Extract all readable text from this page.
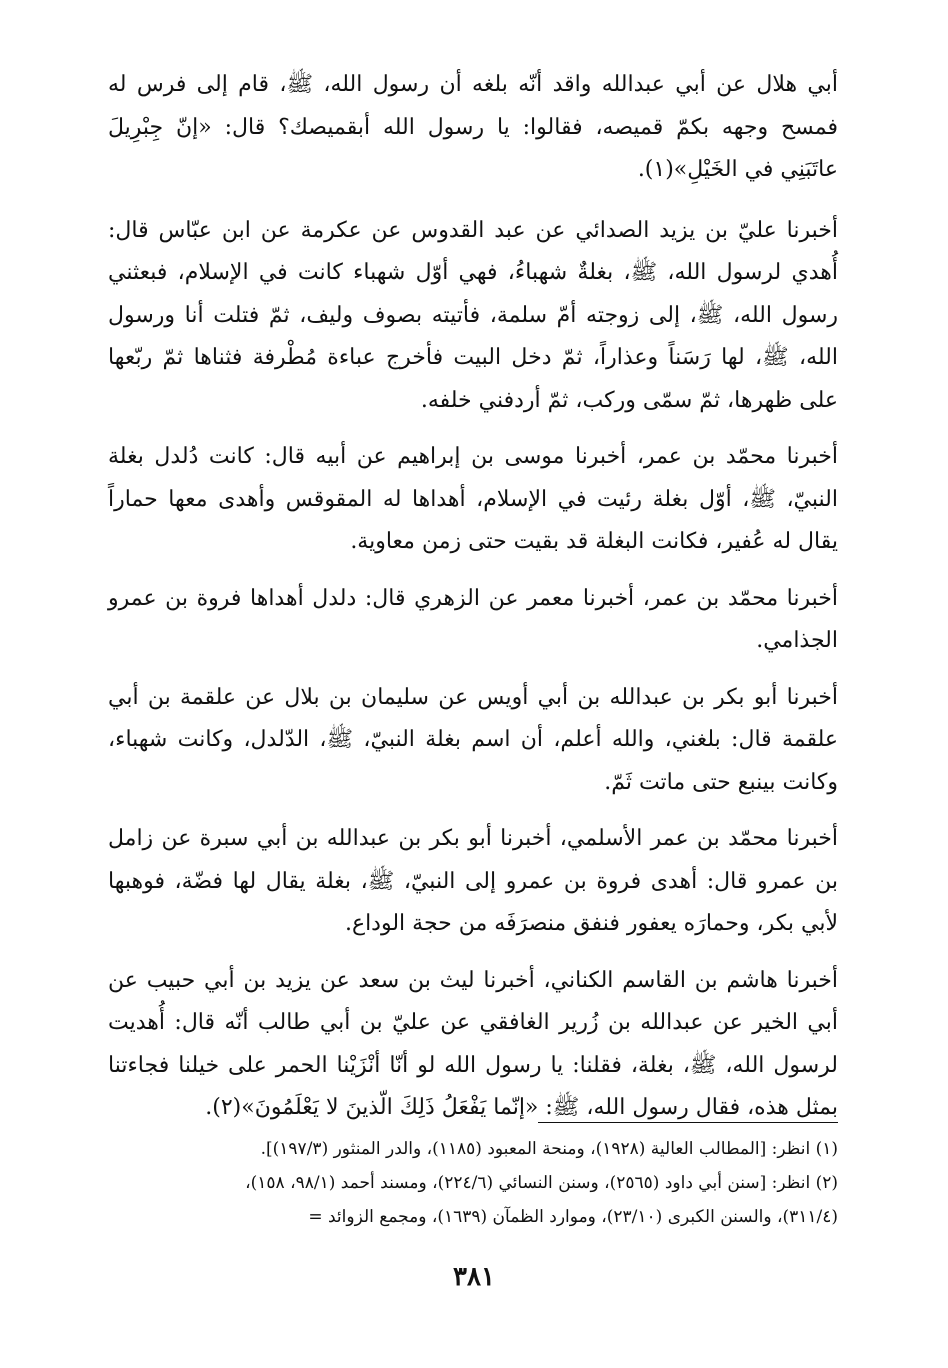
أبي هلال عن أبي عبدالله واقد أنّه بلغه أن رسول الله، ﷺ، قام إلى فرس له فمسح وجهه بكمّ قميصه، فقالوا: يا رسول الله أبقميصك؟ قال: «إنّ جِبْرِيلَ عاتَبَنِي في الخَيْلِ»(١).

أخبرنا عليّ بن يزيد الصدائي عن عبد القدوس عن عكرمة عن ابن عبّاس قال: أُهدي لرسول الله، ﷺ، بغلةٌ شهباءُ، فهي أوّل شهباء كانت في الإسلام، فبعثني رسول الله، ﷺ، إلى زوجته أمّ سلمة، فأتيته بصوف وليف، ثمّ فتلت أنا ورسول الله، ﷺ، لها رَسَناً وعذاراً، ثمّ دخل البيت فأخرج عباءة مُطْرفة فثناها ثمّ ربّعها على ظهرها، ثمّ سمّى وركب، ثمّ أردفني خلفه.

أخبرنا محمّد بن عمر، أخبرنا موسى بن إبراهيم عن أبيه قال: كانت دُلدل بغلة النبيّ، ﷺ، أوّل بغلة رئيت في الإسلام، أهداها له المقوقس وأهدى معها حماراً يقال له عُفير، فكانت البغلة قد بقيت حتى زمن معاوية.

أخبرنا محمّد بن عمر، أخبرنا معمر عن الزهري قال: دلدل أهداها فروة بن عمرو الجذامي.

أخبرنا أبو بكر بن عبدالله بن أبي أويس عن سليمان بن بلال عن علقمة بن أبي علقمة قال: بلغني، والله أعلم، أن اسم بغلة النبيّ، ﷺ، الدّلدل، وكانت شهباء، وكانت بينبع حتى ماتت ثَمّ.

أخبرنا محمّد بن عمر الأسلمي، أخبرنا أبو بكر بن عبدالله بن أبي سبرة عن زامل بن عمرو قال: أهدى فروة بن عمرو إلى النبيّ، ﷺ، بغلة يقال لها فضّة، فوهبها لأبي بكر، وحمارَه يعفور فنفق منصرَفَه من حجة الوداع.

أخبرنا هاشم بن القاسم الكناني، أخبرنا ليث بن سعد عن يزيد بن أبي حبيب عن أبي الخير عن عبدالله بن زُرير الغافقي عن عليّ بن أبي طالب أنّه قال: أُهديت لرسول الله، ﷺ، بغلة، فقلنا: يا رسول الله لو أنّا أنْزَيْنا الحمر على خيلنا فجاءتنا بمثل هذه، فقال رسول الله، ﷺ: «إنّما يَفْعَلُ ذَلِكَ الّذينَ لا يَعْلَمُونَ»(٢).

(١) انظر: [المطالب العالية (١٩٢٨)، ومنحة المعبود (١١٨٥)، والدر المنثور (١٩٧/٣)].

(٢) انظر: [سنن أبي داود (٢٥٦٥)، وسنن النسائي (٢٢٤/٦)، ومسند أحمد (٩٨/١، ١٥٨)،

(٣١١/٤)، والسنن الكبرى (٢٣/١٠)، وموارد الظمآن (١٦٣٩)، ومجمع الزوائد =

٣٨١
